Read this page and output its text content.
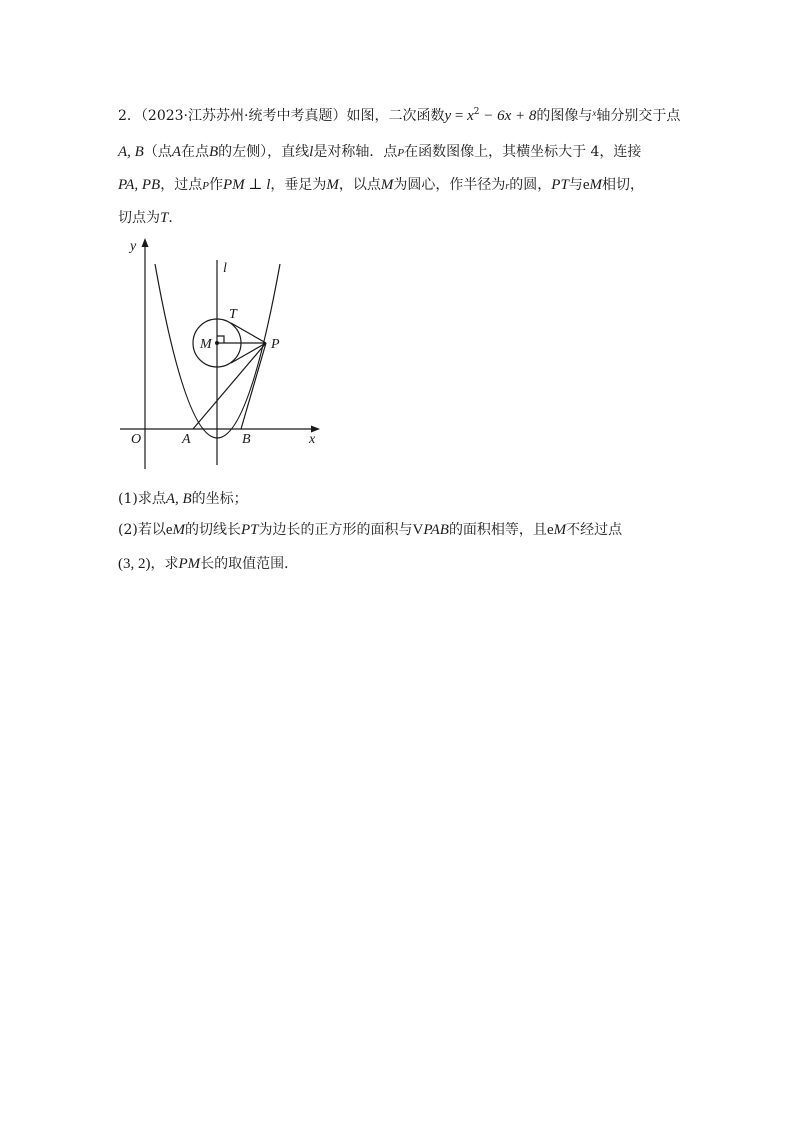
2．（2023·江苏苏州·统考中考真题）如图，二次函数$y = x^2 - 6x + 8$的图像与$^x$轴分别交于点
A, B（点A在点B的左侧），直线l是对称轴．点P在函数图像上，其横坐标大于 4，连接
PA, PB，过点P作PM ⊥ l，垂足为M，以点M为圆心，作半径为r的圆，PT与eM相切，
切点为T．
y
l
T
M	P
O	A	B	x
(1)求点A, B的坐标；
(2)若以eM的切线长PT为边长的正方形的面积与VPAB的面积相等，且eM不经过点
(3, 2)，求PM长的取值范围．
